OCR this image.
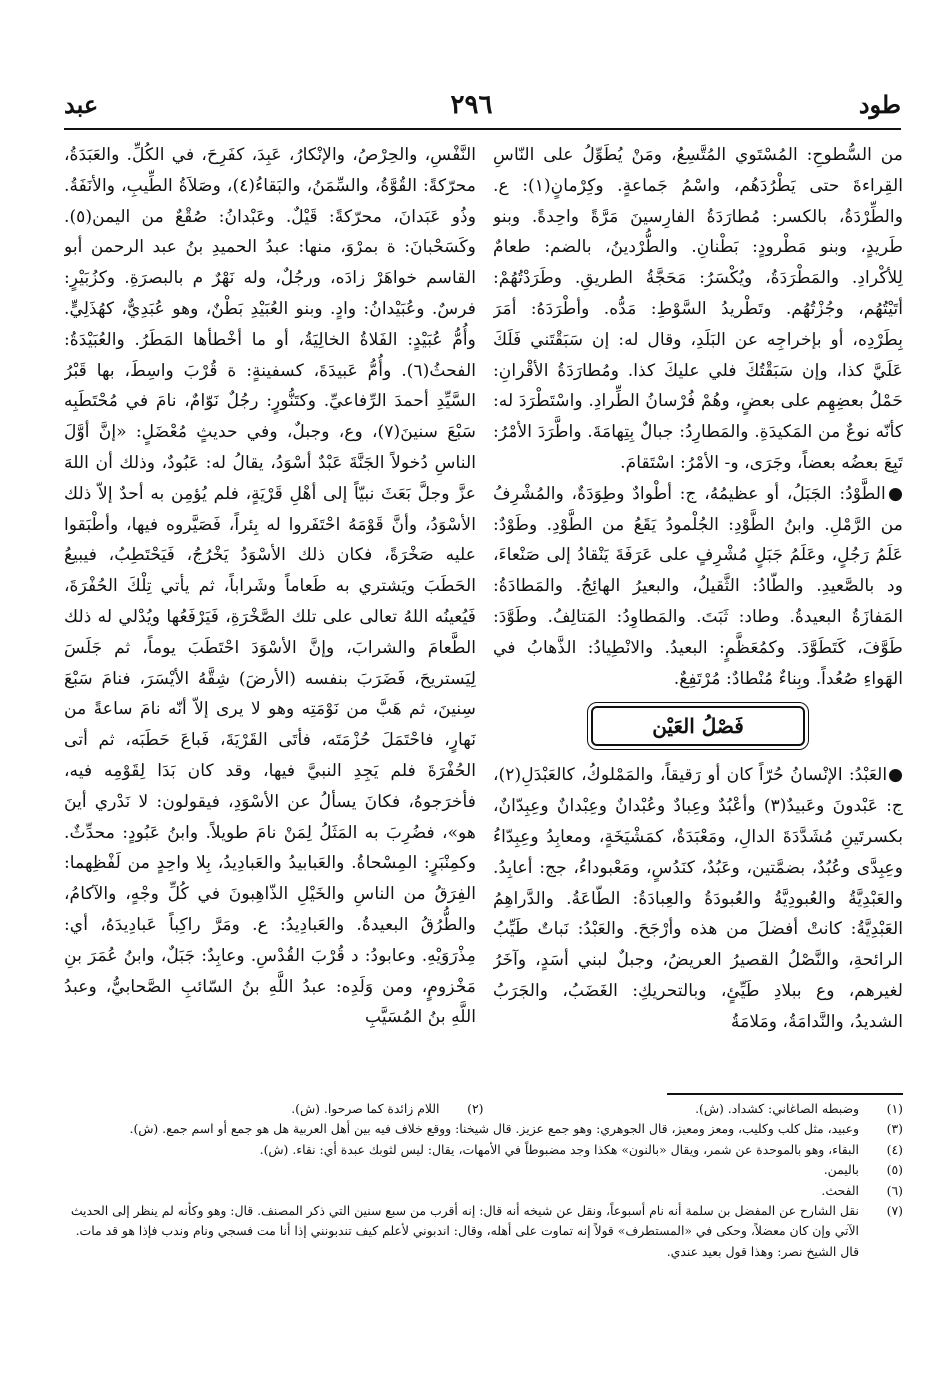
طود
٢٩٦
عبد

من السُّطوحِ: المُسْتَوي المُتَّسِعُ، ومَنْ يُطَوِّلُ على النّاسِ القِراءةَ حتى يَطْرُدَهُم، واسْمُ جَماعةٍ. وكِرْمانٍ(١): ع. والطِّرْدَةُ، بالكسر: مُطارَدَةُ الفارِسينَ مَرَّةً واحِدةً. وبنو طَريدٍ، وبنو مَطْرودٍ: بَطْنانِ. والطُّرْدينُ، بالضم: طعامٌ لِلأكْرادِ. والمَطْرَدَةُ، ويُكْسَرُ: مَحَجَّةُ الطريقِ. وطَرَدْتُهُمْ: أتَيْتُهُم، وجُزْتُهُم. وتَطْريدُ السَّوْطِ: مَدُّه. وأطْرَدَهُ: أمَرَ بِطَرْدِه، أو بإخراجِه عن البَلَدِ، وقال له: إن سَبَقْتَني فَلَكَ عَلَيَّ كذا، وإن سَبَقْتُكَ فلي عليكَ كذا. ومُطارَدَةُ الأقْرانِ: حَمْلُ بعضِهِم على بعضٍ، وهُمْ فُرْسانُ الطِّرادِ. واسْتَطْرَدَ له: كأنّه نوعٌ من المَكيدَةِ. والمَطارِدُ: جبالٌ بِتِهامَةَ. واطَّرَدَ الأمْرُ: تَبِعَ بعضُه بعضاً، وجَرَى، و- الأمْرُ: اسْتَقامَ.

●الطَّوْدُ: الجَبَلُ، أو عظيمُهُ، ج: أطْوادٌ وطِوَدَةٌ، والمُشْرِفُ من الرَّمْلِ. وابنُ الطَّوْدِ: الجُلْمودُ يَقَعُ من الطَّوْدِ. وطَوْدٌ: عَلَمُ رَجُلٍ، وعَلَمُ جَبَلٍ مُشْرِفٍ على عَرَفَةَ يَنْقادُ إلى صَنْعاءَ، ود بالصَّعيدِ. والطّادُ: الثَّقيلُ، والبعيرُ الهائِجُ. والمَطادَةُ: المَفازَةُ البعيدةُ. وطاد: ثَبَتَ. والمَطاوِدُ: المَتالِفُ. وطَوَّدَ: طَوَّفَ، كَتَطَوَّدَ. وكمُعَظَّمٍ: البعيدُ. والانْطِيادُ: الذَّهابُ في الهَواءِ صُعُداً. وبِناءٌ مُنْطادٌ: مُرْتَفِعٌ.

فَصْلُ العَيْن

●العَبْدُ: الإنْسانُ حُرّاً كان أو رَقيقاً، والمَمْلوكُ، كالعَبْدَلِ(٢)، ج: عَبْدونَ وعَبيدٌ(٣) وأعْبُدٌ وعِبادٌ وعُبْدانٌ وعِبْدانٌ وعِبِدّانٌ، بكسرتَينِ مُشَدَّدَةَ الدالِ، ومَعْبَدَةٌ، كمَشْيَخَةٍ، ومعابِدُ وعِبِدّاءُ وعِبِدَّى وعُبُدٌ، بضمَّتين، وعَبُدٌ، كنَدُسٍ، ومَعْبوداءُ، جج: أعابِدُ. والعَبْدِيَّةُ والعُبودِيَّةُ والعُبودَةُ والعِبادَةُ: الطّاعَةُ. والدَّراهِمُ العَبْدِيَّةُ: كانتْ أفضلَ من هذه وأرْجَحَ. والعَبْدُ: نَباتٌ طَيِّبُ الرائحةِ، والنَّصْلُ القصيرُ العريضُ، وجبلٌ لبني أسَدٍ، وآخَرُ لغيرهم، وع ببلادِ طَيِّئٍ، وبالتحريكِ: الغَضَبُ، والجَرَبُ الشديدُ، والنَّدامَةُ، ومَلامَةُ

النَّفْسِ، والحِرْصُ، والإنْكارُ، عَبِدَ، كفَرِحَ، في الكُلِّ. والعَبَدَةُ، محرّكةً: القُوَّةُ، والسِّمَنُ، والبَقاءُ(٤)، وصَلاَةُ الطِّيبِ، والأنَفَةُ. وذُو عَبَدانَ، محرّكةً: قَيْلٌ. وعَبْدانُ: صُقْعٌ من اليمن(٥). وكَسَحْبانَ: ة بمرْوَ، منها: عبدُ الحميدِ بنُ عبد الرحمن أبو القاسم خواهَرْ زادَه، ورجُلٌ، وله نَهْرٌ م بالبصرَةِ. وكزُبَيْرٍ: فرسٌ. وعُبَيْدانُ: وادٍ. وبنو العُبَيْدِ بَطْنٌ، وهو عُبَدِيٌّ، كهُذَلِيٍّ. وأُمُّ عُبَيْدٍ: الفَلاةُ الخالِيَةُ، أو ما أخْطأها المَطَرُ. والعُبَيْدَةُ: الفحثُ(٦). وأُمُّ عَبيدَةَ، كسفينةٍ: ة قُرْبَ واسِطَ، بها قَبْرُ السَّيِّدِ أحمدَ الرِّفاعيِّ. وكتَنُّورٍ: رجُلٌ نَوّامٌ، نامَ في مُحْتَطَبِه سَبْعَ سنينَ(٧)، وع، وجبلٌ، وفي حديثٍ مُعْضَلٍ: «إنَّ أوَّلَ الناسِ دُخولاً الجَنَّةَ عَبْدٌ أسْوَدُ، يقالُ له: عَبُودٌ، وذلك أن اللهَ عزَّ وجلَّ بَعَثَ نبيّاً إلى أهْلِ قَرْيَةٍ، فلم يُؤمِن به أحدٌ إلاّ ذلك الأسْوَدُ، وأنَّ قَوْمَهُ احْتَفَروا له بِئراً، فَصَيَّروه فيها، وأطْبَقوا عليه صَخْرَةً، فكان ذلك الأسْوَدُ يَخْرُجُ، فَيَحْتَطِبُ، فيبيعُ الحَطَبَ ويَشتري به طَعاماً وشَراباً، ثم يأتي تِلْكَ الحُفْرَةَ، فَيُعينُه اللهُ تعالى على تلك الصَّخْرَةِ، فَيَرْفَعُها ويُدْلي له ذلك الطَّعامَ والشرابَ، وإنَّ الأسْوَدَ احْتَطَبَ يوماً، ثم جَلَسَ لِيَستريحَ، فَضَرَبَ بنفسه (الأرضَ) شِقَّهُ الأيْسَرَ، فنامَ سَبْعَ سِنينَ، ثم هَبَّ من نَوْمَتِه وهو لا يرى إلاّ أنّه نامَ ساعةً من نَهارٍ، فاحْتَمَلَ حُزْمَتَه، فأتَى القَرْيَةَ، فَباعَ حَطَبَه، ثم أتى الحُفْرَةَ فلم يَجِدِ النبيَّ فيها، وقد كان بَدَا لِقَوْمِه فيه، فأخرَجوهُ، فكانَ يسألُ عن الأسْوَدِ، فيقولون: لا نَدْري أينَ هو»، فضُرِبَ به المَثَلُ لِمَنْ نامَ طويلاً. وابنُ عَبُودٍ: محدِّثٌ. وكمِنْبَرٍ: المِسْحاةُ. والعَبابيدُ والعَبادِيدُ، بِلا واحِدٍ من لَفْظِهما: الفِرَقُ من الناسِ والخَيْلِ الذّاهِبونَ في كُلِّ وجْهٍ، والآكامُ، والطُّرُقُ البعيدةُ. والعَبادِيدُ: ع. ومَرَّ راكِباً عَبادِيدَهُ، أي: مِذْرَوَيْهِ. وعابودُ: د قُرْبَ القُدْسِ. وعابِدٌ: جَبَلٌ، وابنُ عُمَرَ بنِ مَخْزومٍ، ومن وَلَدِه: عبدُ اللَّهِ بنُ السّائبِ الصَّحابيُّ، وعبدُ اللَّهِ بنُ المُسَيَّبِ

(١)
وضبطه الصاغاني: كشداد. (ش).
(٢)
اللام زائدة كما صرحوا. (ش).
(٣)
وعبيد، مثل كلب وكليب، ومعز ومعيز، قال الجوهري: وهو جمع عزيز. قال شيخنا: ووقع خلاف فيه بين أهل العربية هل هو جمع أو اسم جمع. (ش).
(٤)
البقاء، وهو بالموحدة عن شمر، ويقال «بالنون» هكذا وجد مضبوطاً في الأمهات، يقال: ليس لثوبك عبدة أي: نقاء. (ش).
(٥)
باليمن.
(٦)
الفحث.
(٧)
نقل الشارح عن المفضل بن سلمة أنه نام أسبوعاً، ونقل عن شيخه أنه قال: إنه أقرب من سبع سنين التي ذكر المصنف. قال: وهو وكأنه لم ينظر إلى الحديث الآتي وإن كان معضلاً، وحكى في «المستطرف» قولاً إنه تماوت على أهله، وقال: اندبوني لأعلم كيف تندبونني إذا أنا مت فسجي ونام وندب فإذا هو قد مات. قال الشيخ نصر: وهذا قول بعيد عندي.
